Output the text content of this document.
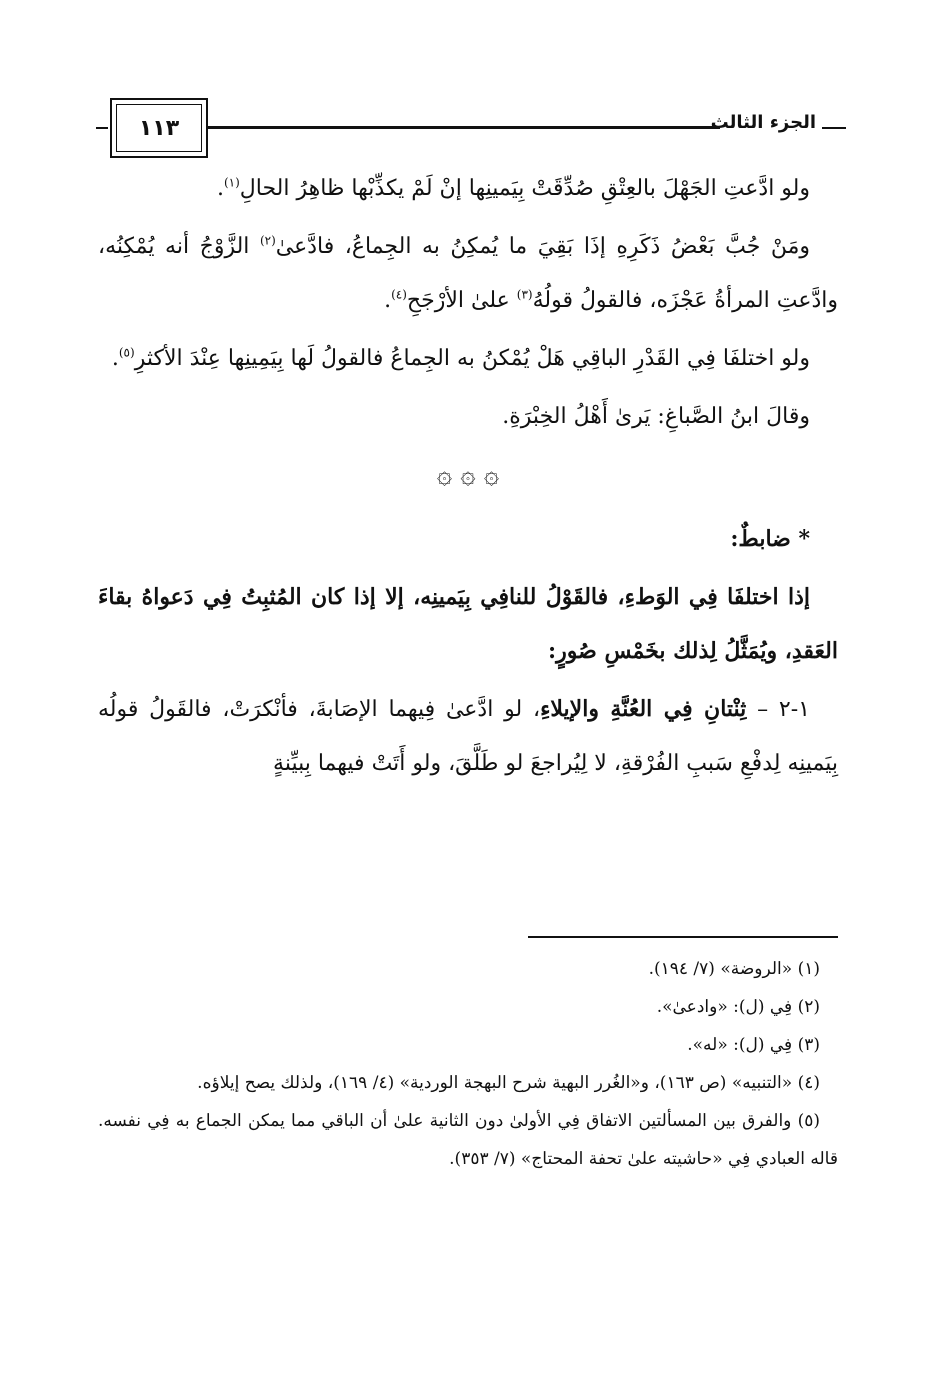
١١٣	الجزء الثالث

ولو ادَّعتِ الجَهْلَ بالعِتْقِ صُدِّقَتْ بِيَمينِها إنْ لَمْ يكذِّبْها ظاهِرُ الحالِ$^{(١)}$.

ومَنْ جُبَّ بَعْضُ ذَكَرِهِ إذَا بَقِيَ ما يُمكِنُ به الجِماعُ، فادَّعىٰ$^{(٢)}$ الزَّوْجُ أنه يُمْكِنُه، وادَّعتِ المرأةُ عَجْزَه، فالقولُ قولُهُ$^{(٣)}$ علىٰ الأرْجَحِ$^{(٤)}$.

ولو اختلفَا فِي القَدْرِ الباقِي هَلْ يُمْكنُ به الجِماعُ فالقولُ لَها بِيَمِينِها عِنْدَ الأكثرِ$^{(٥)}$.

وقالَ ابنُ الصَّباغِ: يَرىٰ أَهْلُ الخِبْرَةِ.

۞ ۞ ۞

* ضابطٌ:

إذا اختلفَا فِي الوَطءِ، فالقَوْلُ للنافِي بِيَمينِه، إلا إذا كان المُثبِتُ فِي دَعواهُ بقاءَ العَقدِ، ويُمَثَّلُ لِذلك بخَمْسِ صُورٍ:

١-٢ – ثِنْتانِ فِي العُنَّةِ والإيلاءِ، لو ادَّعىٰ فِيهما الإصَابةَ، فأنْكرَتْ، فالقَولُ قولُه بِيَمينِه لِدفْعِ سَببِ الفُرْقةِ، لا لِيُراجعَ لو طَلَّقَ، ولو أَتَتْ فيهما بِبيِّنةٍ

(١) «الروضة» (٧/ ١٩٤).

(٢) فِي (ل): «وادعىٰ».

(٣) فِي (ل): «له».

(٤) «التنبيه» (ص ١٦٣)، و«الغُرر البهية شرح البهجة الوردية» (٤/ ١٦٩)، ولذلك يصح إيلاؤه.

(٥) والفرق بين المسألتين الاتفاق فِي الأولىٰ دون الثانية علىٰ أن الباقي مما يمكن الجماع به فِي نفسه. قاله العبادي فِي «حاشيته علىٰ تحفة المحتاج» (٧/ ٣٥٣).
